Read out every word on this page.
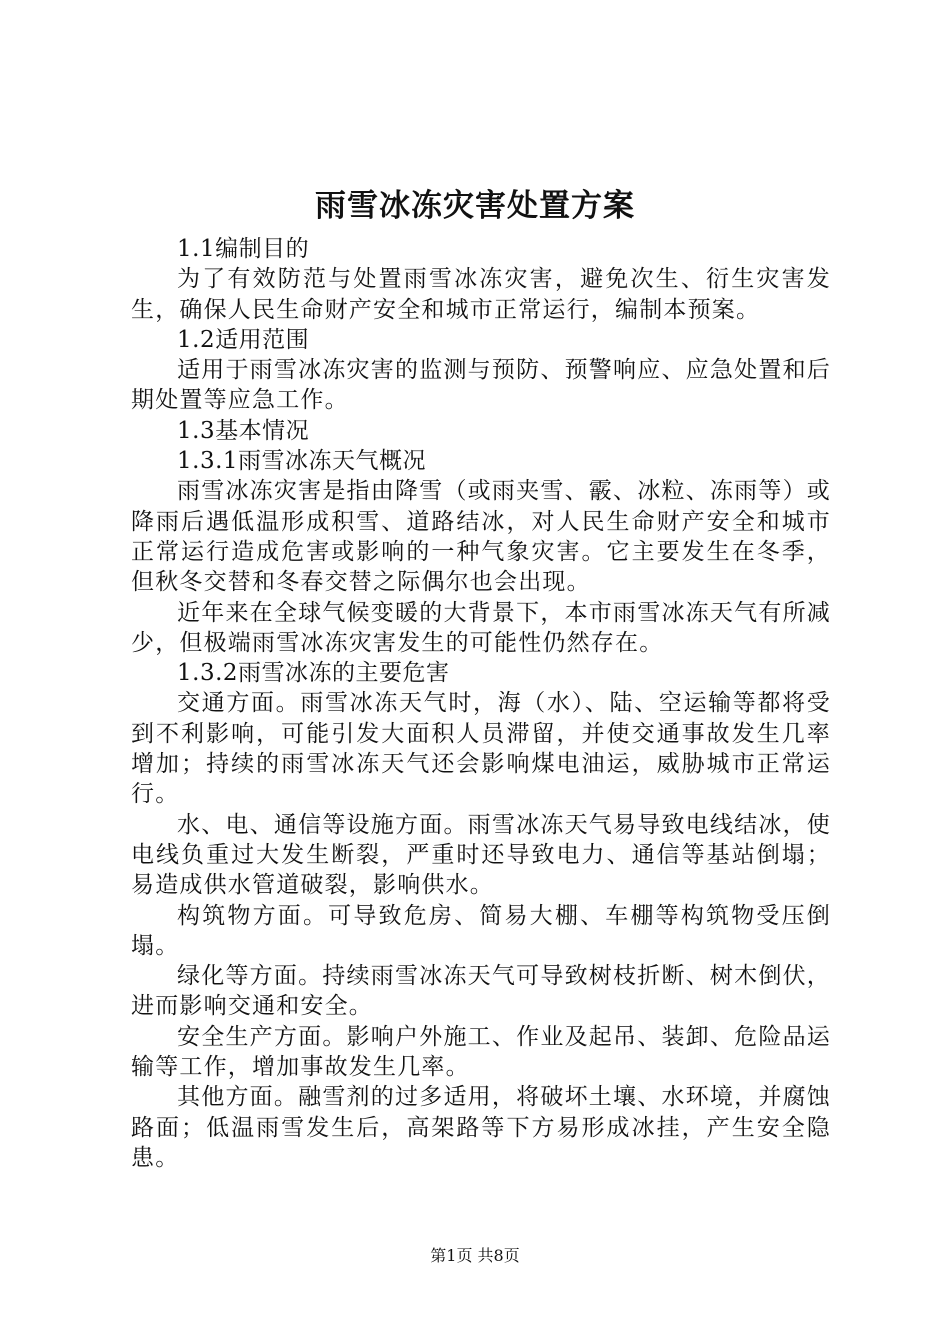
雨雪冰冻灾害处置方案

1.1编制目的

为了有效防范与处置雨雪冰冻灾害，避免次生、衍生灾害发生，确保人民生命财产安全和城市正常运行，编制本预案。

1.2适用范围

适用于雨雪冰冻灾害的监测与预防、预警响应、应急处置和后期处置等应急工作。

1.3基本情况

1.3.1雨雪冰冻天气概况

雨雪冰冻灾害是指由降雪（或雨夹雪、霰、冰粒、冻雨等）或降雨后遇低温形成积雪、道路结冰，对人民生命财产安全和城市正常运行造成危害或影响的一种气象灾害。它主要发生在冬季，但秋冬交替和冬春交替之际偶尔也会出现。

近年来在全球气候变暖的大背景下，本市雨雪冰冻天气有所减少，但极端雨雪冰冻灾害发生的可能性仍然存在。

1.3.2雨雪冰冻的主要危害

交通方面。雨雪冰冻天气时，海（水）、陆、空运输等都将受到不利影响，可能引发大面积人员滞留，并使交通事故发生几率增加；持续的雨雪冰冻天气还会影响煤电油运，威胁城市正常运行。

水、电、通信等设施方面。雨雪冰冻天气易导致电线结冰，使电线负重过大发生断裂，严重时还导致电力、通信等基站倒塌；易造成供水管道破裂，影响供水。

构筑物方面。可导致危房、简易大棚、车棚等构筑物受压倒塌。

绿化等方面。持续雨雪冰冻天气可导致树枝折断、树木倒伏，进而影响交通和安全。

安全生产方面。影响户外施工、作业及起吊、装卸、危险品运输等工作，增加事故发生几率。

其他方面。融雪剂的过多适用，将破坏土壤、水环境，并腐蚀路面；低温雨雪发生后，高架路等下方易形成冰挂，产生安全隐患。

第1页 共8页
